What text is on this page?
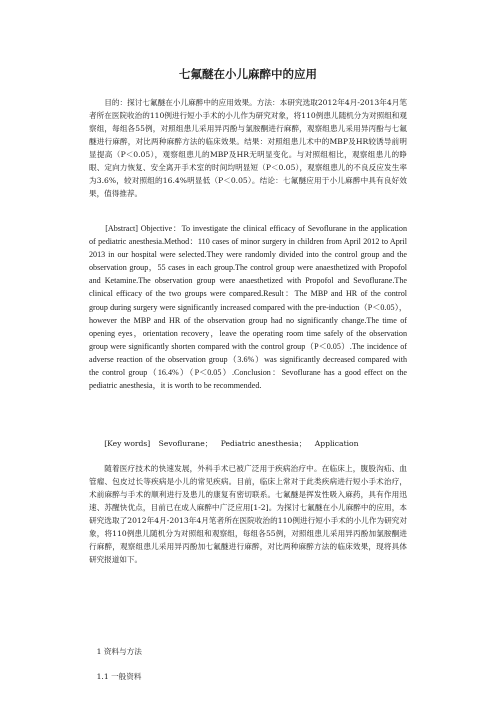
七氟醚在小儿麻醉中的应用
目的：探讨七氟醚在小儿麻醉中的应用效果。方法：本研究选取2012年4月-2013年4月笔者所在医院收治的110例进行短小手术的小儿作为研究对象，将110例患儿随机分为对照组和观察组，每组各55例，对照组患儿采用异丙酚与氯胺酮进行麻醉，观察组患儿采用异丙酚与七氟醚进行麻醉，对比两种麻醉方法的临床效果。结果：对照组患儿术中的MBP及HR较诱导前明显提高（P＜0.05），观察组患儿的MBP及HR无明显变化。与对照组相比，观察组患儿的睁眼、定向力恢复、安全离开手术室的时间均明显短（P＜0.05），观察组患儿的不良反应发生率为3.6%，较对照组的16.4%明显低（P＜0.05）。结论：七氟醚应用于小儿麻醉中具有良好效果，值得推荐。
[Abstract] Objective：To investigate the clinical efficacy of Sevoflurane in the application of pediatric anesthesia.Method：110 cases of minor surgery in children from April 2012 to April 2013 in our hospital were selected.They were randomly divided into the control group and the observation group，55 cases in each group.The control group were anaesthetized with Propofol and Ketamine.The observation group were anaesthetized with Propofol and Sevoflurane.The clinical efficacy of the two groups were compared.Result：The MBP and HR of the control group during surgery were significantly increased compared with the pre-induction（P＜0.05），however the MBP and HR of the observation group had no significantly change.The time of opening eyes，orientation recovery，leave the operating room time safely of the observation group were significantly shorten compared with the control group（P＜0.05）.The incidence of adverse reaction of the observation group（3.6%）was significantly decreased compared with the control group（16.4%）（P＜0.05）.Conclusion：Sevoflurane has a good effect on the pediatric anesthesia，it is worth to be recommended.
[Key words] Sevoflurane； Pediatric anesthesia； Application
随着医疗技术的快速发展，外科手术已被广泛用于疾病治疗中。在临床上，腹股沟疝、血管瘤、包皮过长等疾病是小儿的常见疾病。目前，临床上常对于此类疾病进行短小手术治疗，术前麻醉与手术的顺利进行及患儿的康复有密切联系。七氟醚是挥发性吸入麻药，具有作用迅速、苏醒快优点，目前已在成人麻醉中广泛应用[1-2]。为探讨七氟醚在小儿麻醉中的应用，本研究选取了2012年4月-2013年4月笔者所在医院收治的110例进行短小手术的小儿作为研究对象，将110例患儿随机分为对照组和观察组，每组各55例，对照组患儿采用异丙酚加氯胺酮进行麻醉，观察组患儿采用异丙酚加七氟醚进行麻醉，对比两种麻醉方法的临床效果，现将具体研究报道如下。
1 资料与方法
1.1 一般资料
